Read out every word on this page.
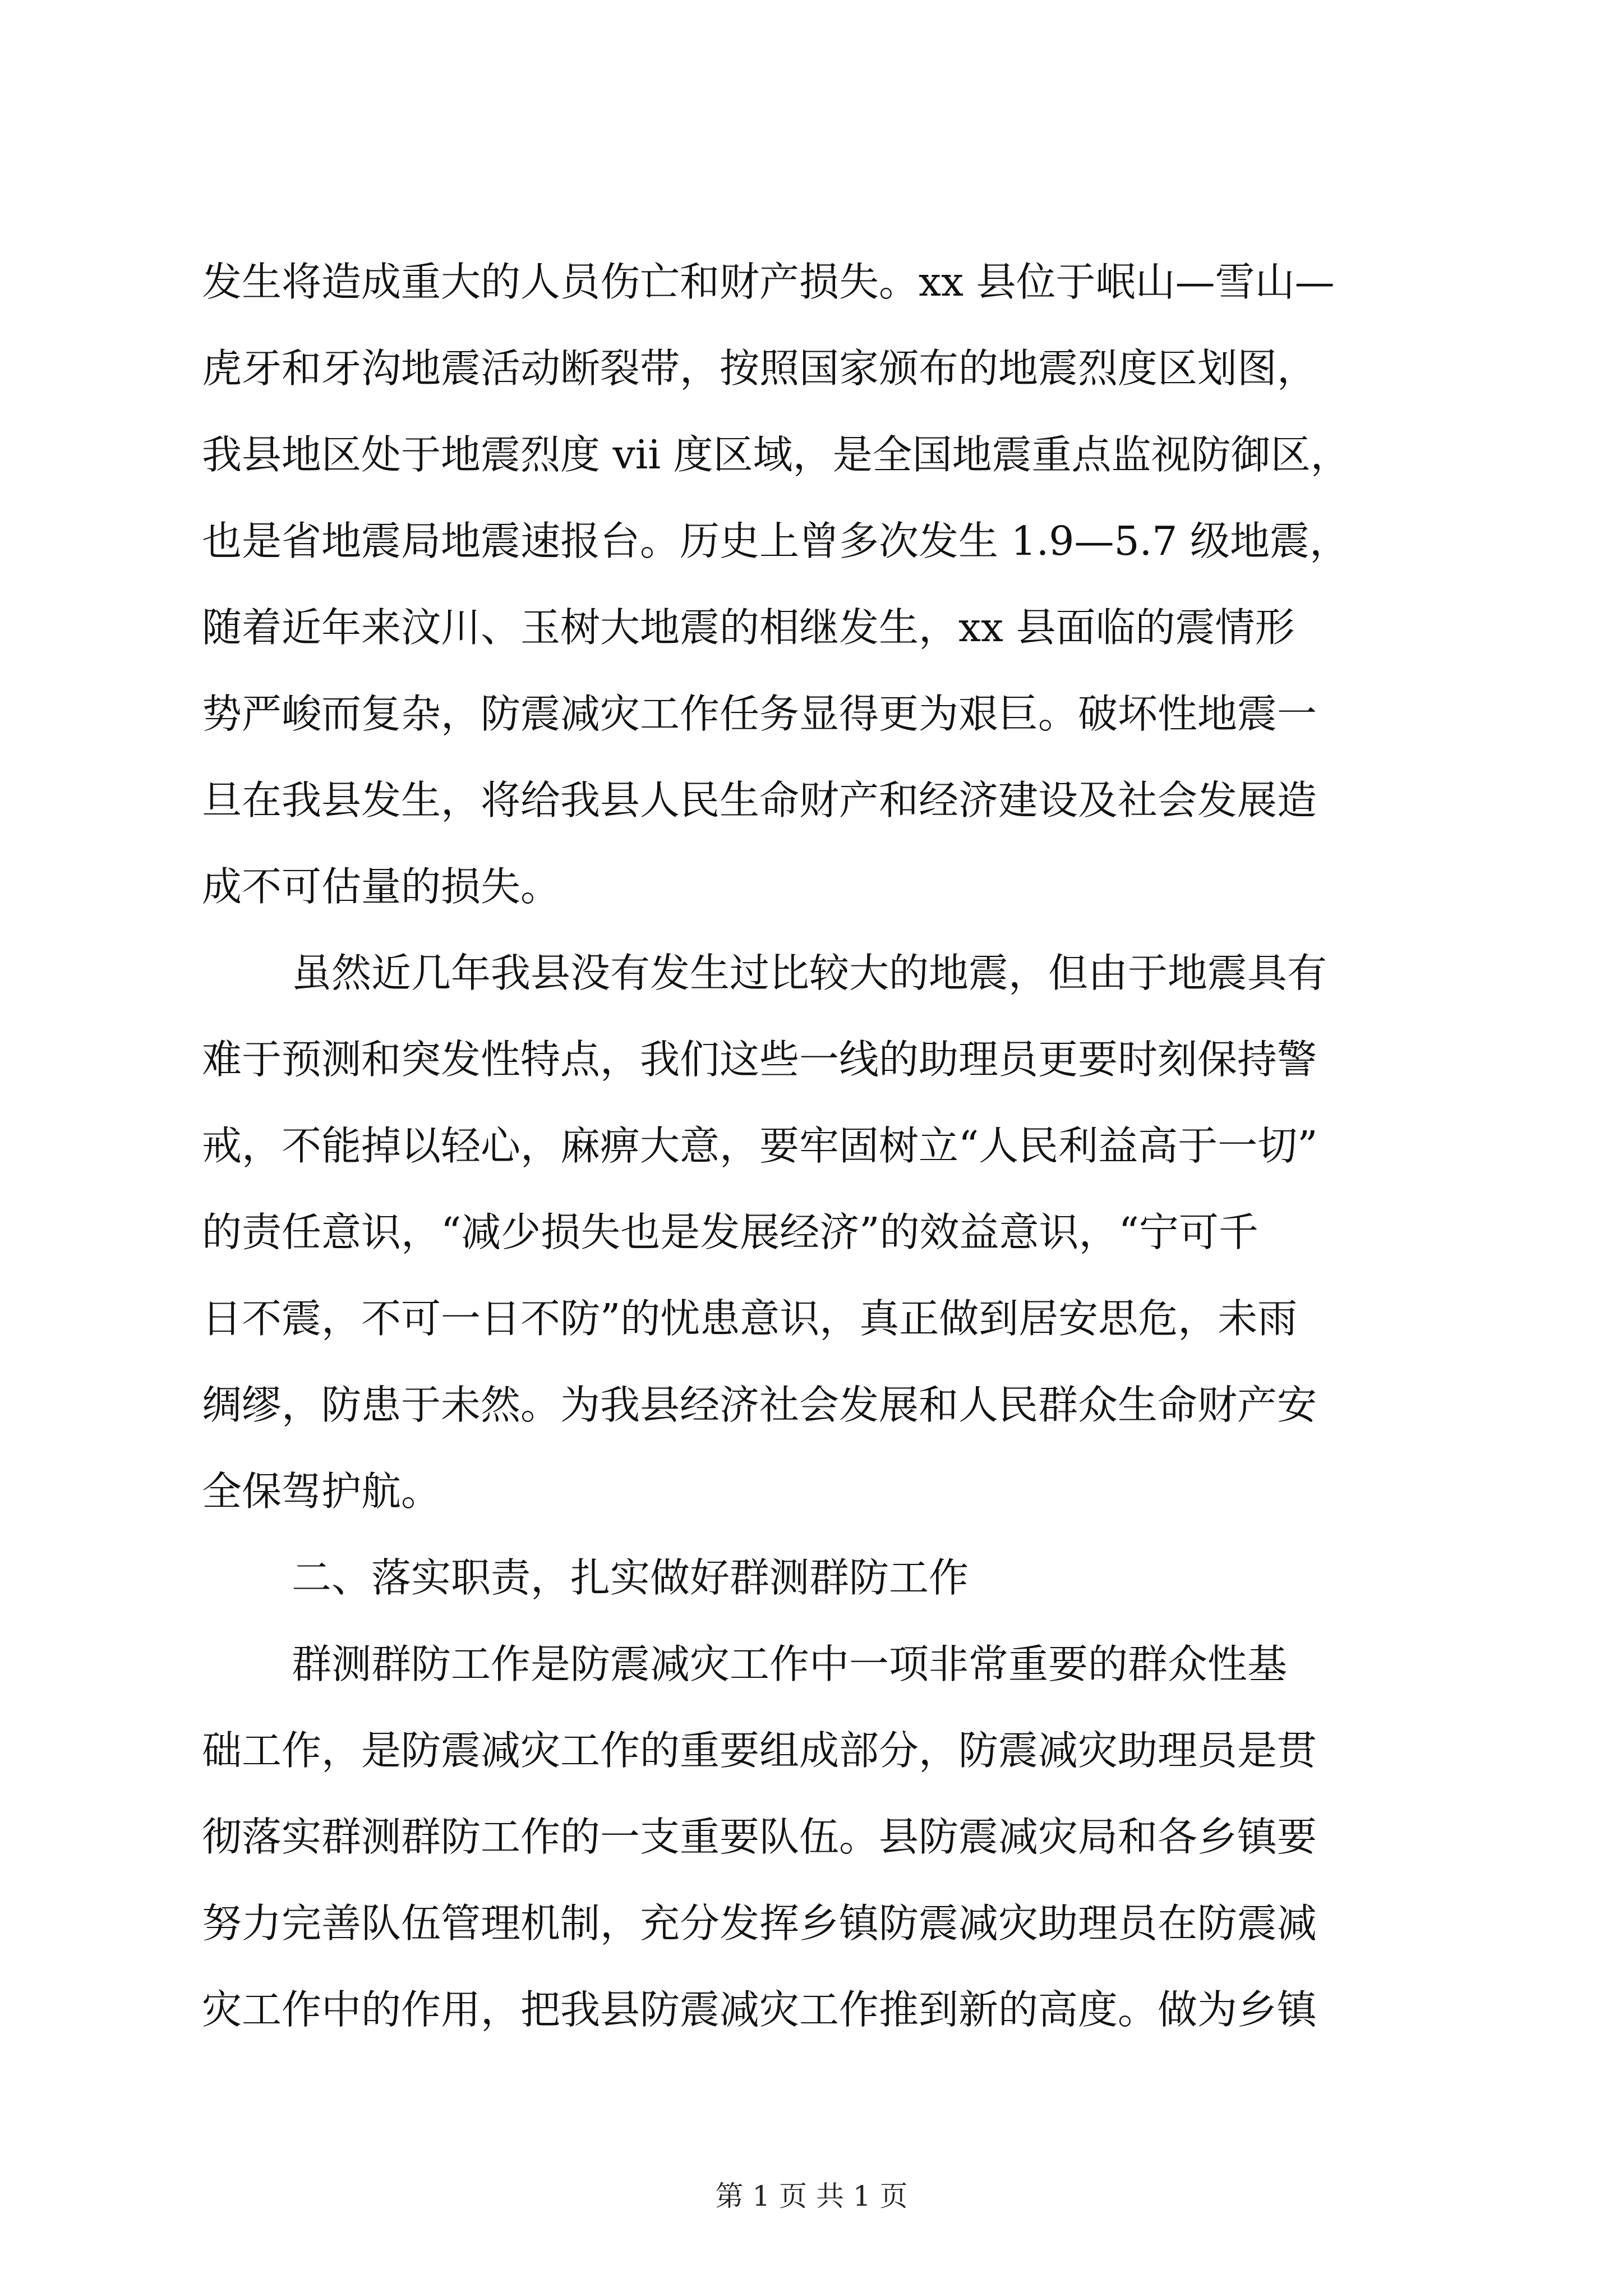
发生将造成重大的人员伤亡和财产损失。xx 县位于岷山—雪山—

虎牙和牙沟地震活动断裂带，按照国家颁布的地震烈度区划图，

我县地区处于地震烈度 vii 度区域，是全国地震重点监视防御区，

也是省地震局地震速报台。历史上曾多次发生 1.9—5.7 级地震，

随着近年来汶川、玉树大地震的相继发生，xx 县面临的震情形

势严峻而复杂，防震减灾工作任务显得更为艰巨。破坏性地震一

旦在我县发生，将给我县人民生命财产和经济建设及社会发展造

成不可估量的损失。

虽然近几年我县没有发生过比较大的地震，但由于地震具有

难于预测和突发性特点，我们这些一线的助理员更要时刻保持警

戒，不能掉以轻心，麻痹大意，要牢固树立“人民利益高于一切”

的责任意识，“减少损失也是发展经济”的效益意识，“宁可千

日不震，不可一日不防”的忧患意识，真正做到居安思危，未雨

绸缪，防患于未然。为我县经济社会发展和人民群众生命财产安

全保驾护航。

二、落实职责，扎实做好群测群防工作

群测群防工作是防震减灾工作中一项非常重要的群众性基

础工作，是防震减灾工作的重要组成部分，防震减灾助理员是贯

彻落实群测群防工作的一支重要队伍。县防震减灾局和各乡镇要

努力完善队伍管理机制，充分发挥乡镇防震减灾助理员在防震减

灾工作中的作用，把我县防震减灾工作推到新的高度。做为乡镇

第 1 页 共 1 页
